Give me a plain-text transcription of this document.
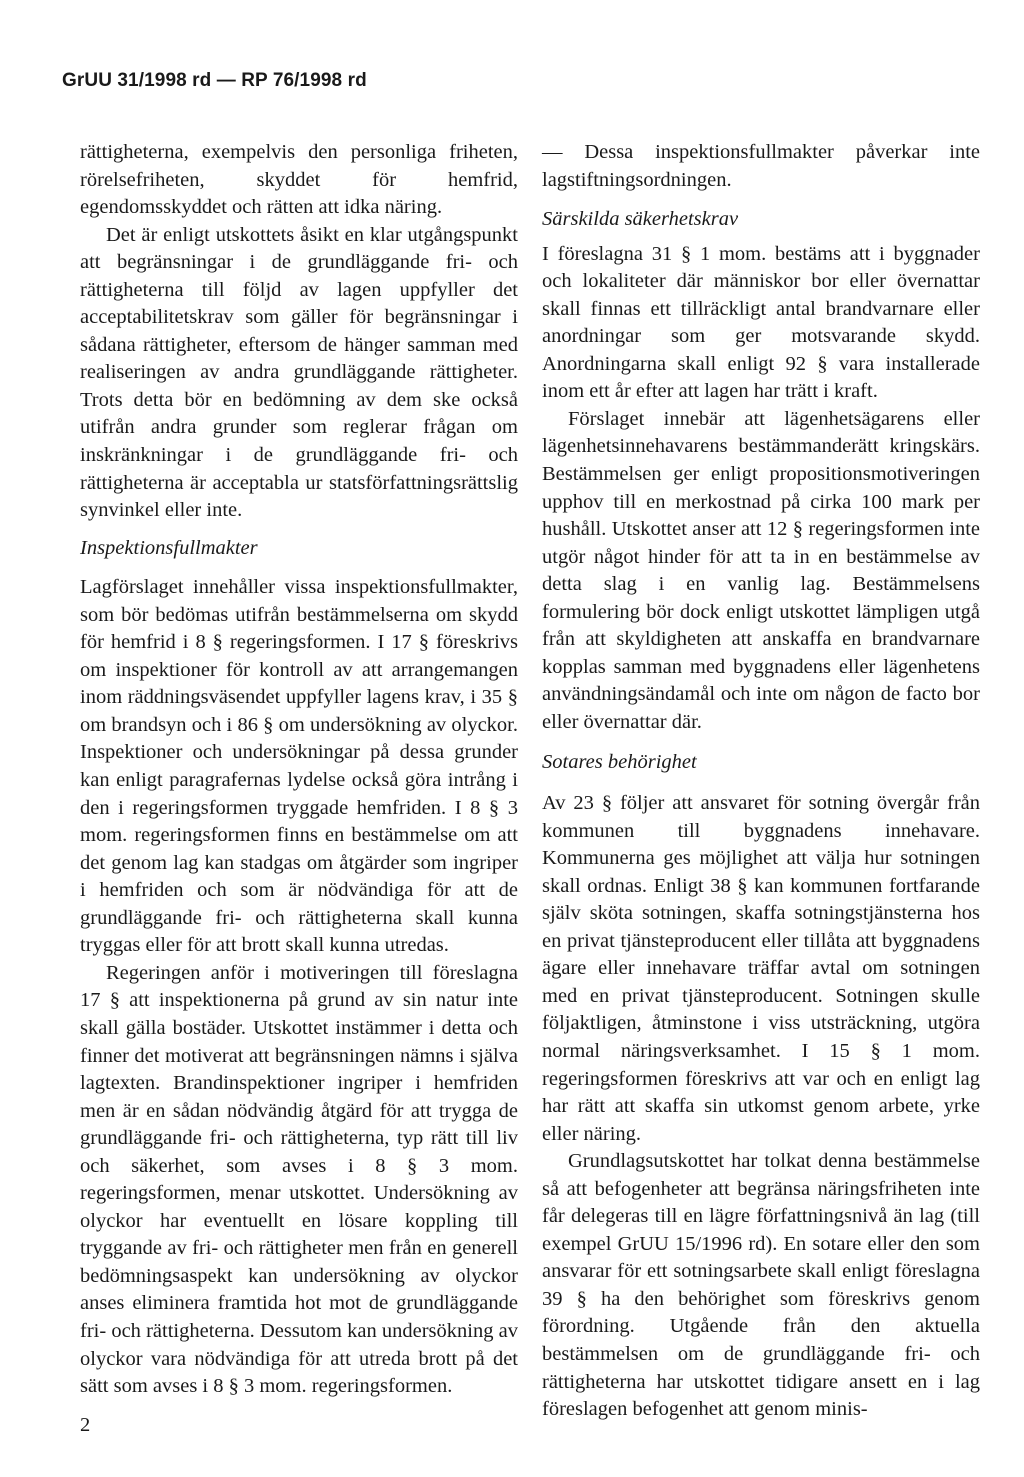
GrUU 31/1998 rd — RP 76/1998 rd

rättigheterna, exempelvis den personliga friheten, rörelsefriheten, skyddet för hemfrid, egendomsskyddet och rätten att idka näring.

Det är enligt utskottets åsikt en klar utgångspunkt att begränsningar i de grundläggande fri- och rättigheterna till följd av lagen uppfyller det acceptabilitetskrav som gäller för begränsningar i sådana rättigheter, eftersom de hänger samman med realiseringen av andra grundläggande rättigheter. Trots detta bör en bedömning av dem ske också utifrån andra grunder som reglerar frågan om inskränkningar i de grundläggande fri- och rättigheterna är acceptabla ur statsförfattningsrättslig synvinkel eller inte.

Inspektionsfullmakter

Lagförslaget innehåller vissa inspektionsfullmakter, som bör bedömas utifrån bestämmelserna om skydd för hemfrid i 8 § regeringsformen. I 17 § föreskrivs om inspektioner för kontroll av att arrangemangen inom räddningsväsendet uppfyller lagens krav, i 35 § om brandsyn och i 86 § om undersökning av olyckor. Inspektioner och undersökningar på dessa grunder kan enligt paragrafernas lydelse också göra intrång i den i regeringsformen tryggade hemfriden. I 8 § 3 mom. regeringsformen finns en bestämmelse om att det genom lag kan stadgas om åtgärder som ingriper i hemfriden och som är nödvändiga för att de grundläggande fri- och rättigheterna skall kunna tryggas eller för att brott skall kunna utredas.

Regeringen anför i motiveringen till föreslagna 17 § att inspektionerna på grund av sin natur inte skall gälla bostäder. Utskottet instämmer i detta och finner det motiverat att begränsningen nämns i själva lagtexten. Brandinspektioner ingriper i hemfriden men är en sådan nödvändig åtgärd för att trygga de grundläggande fri- och rättigheterna, typ rätt till liv och säkerhet, som avses i 8 § 3 mom. regeringsformen, menar utskottet. Undersökning av olyckor har eventuellt en lösare koppling till tryggande av fri- och rättigheter men från en generell bedömningsaspekt kan undersökning av olyckor anses eliminera framtida hot mot de grundläggande fri- och rättigheterna. Dessutom kan undersökning av olyckor vara nödvändiga för att utreda brott på det sätt som avses i 8 § 3 mom. regeringsformen.

— Dessa inspektionsfullmakter påverkar inte lagstiftningsordningen.

Särskilda säkerhetskrav

I föreslagna 31 § 1 mom. bestäms att i byggnader och lokaliteter där människor bor eller övernattar skall finnas ett tillräckligt antal brandvarnare eller anordningar som ger motsvarande skydd. Anordningarna skall enligt 92 § vara installerade inom ett år efter att lagen har trätt i kraft.

Förslaget innebär att lägenhetsägarens eller lägenhetsinnehavarens bestämmanderätt kringskärs. Bestämmelsen ger enligt propositionsmotiveringen upphov till en merkostnad på cirka 100 mark per hushåll. Utskottet anser att 12 § regeringsformen inte utgör något hinder för att ta in en bestämmelse av detta slag i en vanlig lag. Bestämmelsens formulering bör dock enligt utskottet lämpligen utgå från att skyldigheten att anskaffa en brandvarnare kopplas samman med byggnadens eller lägenhetens användningsändamål och inte om någon de facto bor eller övernattar där.

Sotares behörighet

Av 23 § följer att ansvaret för sotning övergår från kommunen till byggnadens innehavare. Kommunerna ges möjlighet att välja hur sotningen skall ordnas. Enligt 38 § kan kommunen fortfarande själv sköta sotningen, skaffa sotningstjänsterna hos en privat tjänsteproducent eller tillåta att byggnadens ägare eller innehavare träffar avtal om sotningen med en privat tjänsteproducent. Sotningen skulle följaktligen, åtminstone i viss utsträckning, utgöra normal näringsverksamhet. I 15 § 1 mom. regeringsformen föreskrivs att var och en enligt lag har rätt att skaffa sin utkomst genom arbete, yrke eller näring.

Grundlagsutskottet har tolkat denna bestämmelse så att befogenheter att begränsa näringsfriheten inte får delegeras till en lägre författningsnivå än lag (till exempel GrUU 15/1996 rd). En sotare eller den som ansvarar för ett sotningsarbete skall enligt föreslagna 39 § ha den behörighet som föreskrivs genom förordning. Utgående från den aktuella bestämmelsen om de grundläggande fri- och rättigheterna har utskottet tidigare ansett en i lag föreslagen befogenhet att genom minis-

2
